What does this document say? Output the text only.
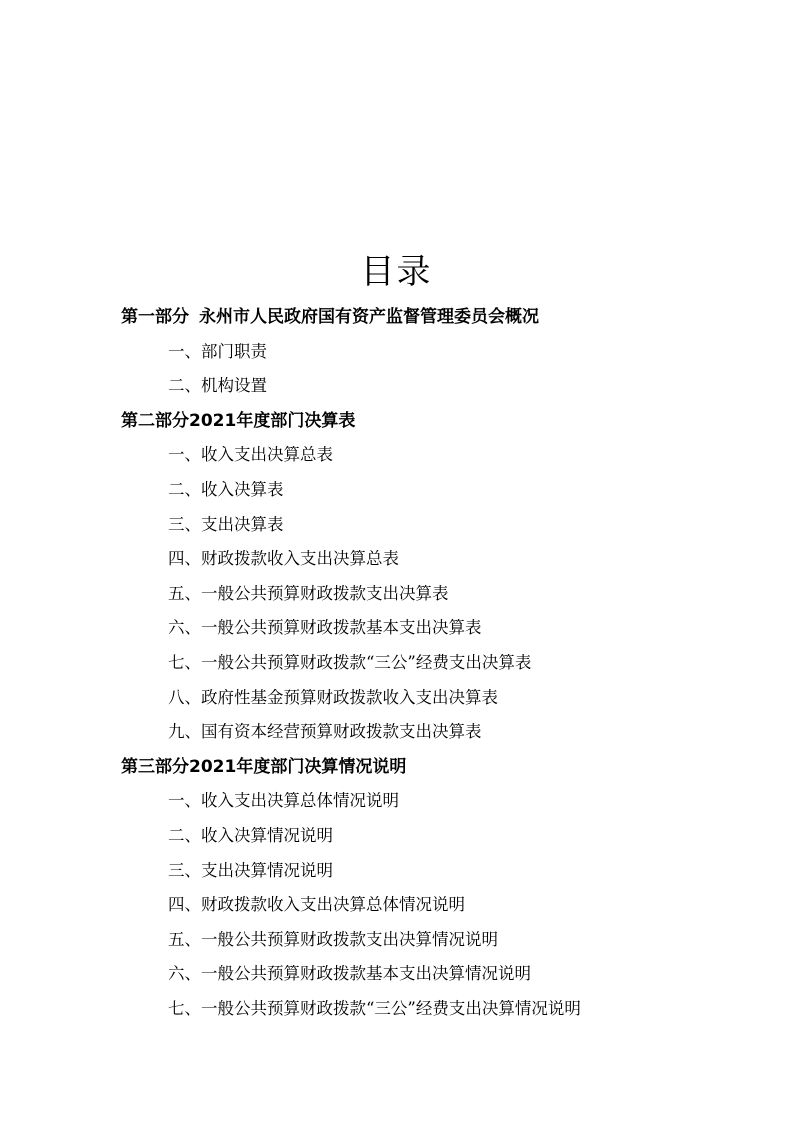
目录
第一部分 永州市人民政府国有资产监督管理委员会概况
一、部门职责
二、机构设置
第二部分2021年度部门决算表
一、收入支出决算总表
二、收入决算表
三、支出决算表
四、财政拨款收入支出决算总表
五、一般公共预算财政拨款支出决算表
六、一般公共预算财政拨款基本支出决算表
七、一般公共预算财政拨款“三公”经费支出决算表
八、政府性基金预算财政拨款收入支出决算表
九、国有资本经营预算财政拨款支出决算表
第三部分2021年度部门决算情况说明
一、收入支出决算总体情况说明
二、收入决算情况说明
三、支出决算情况说明
四、财政拨款收入支出决算总体情况说明
五、一般公共预算财政拨款支出决算情况说明
六、一般公共预算财政拨款基本支出决算情况说明
七、一般公共预算财政拨款“三公”经费支出决算情况说明
